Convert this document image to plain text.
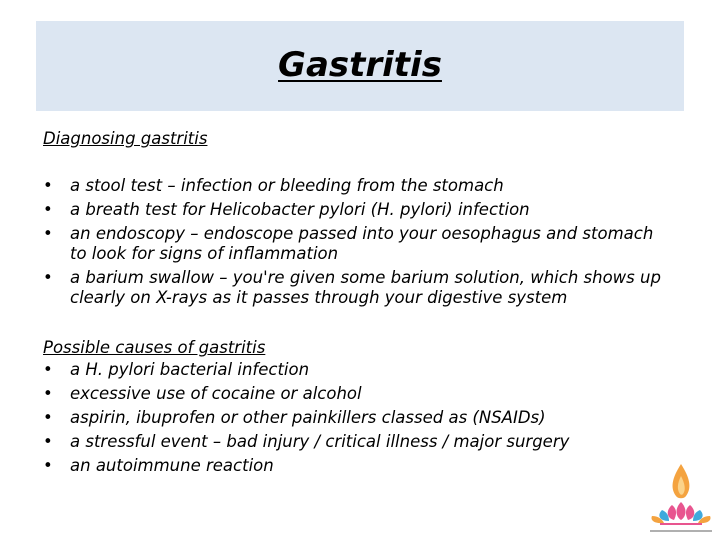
Gastritis

Diagnosing gastritis

• a stool test – infection or bleeding from the stomach
• a breath test for Helicobacter pylori (H. pylori) infection
• an endoscopy – endoscope passed into your oesophagus and stomach to look for signs of inflammation
• a barium swallow – you're given some barium solution, which shows up clearly on X-rays as it passes through your digestive system

Possible causes of gastritis

• a H. pylori bacterial infection
• excessive use of cocaine or alcohol
• aspirin, ibuprofen or other painkillers classed as (NSAIDs)
• a stressful event – bad injury / critical illness / major surgery
• an autoimmune reaction
